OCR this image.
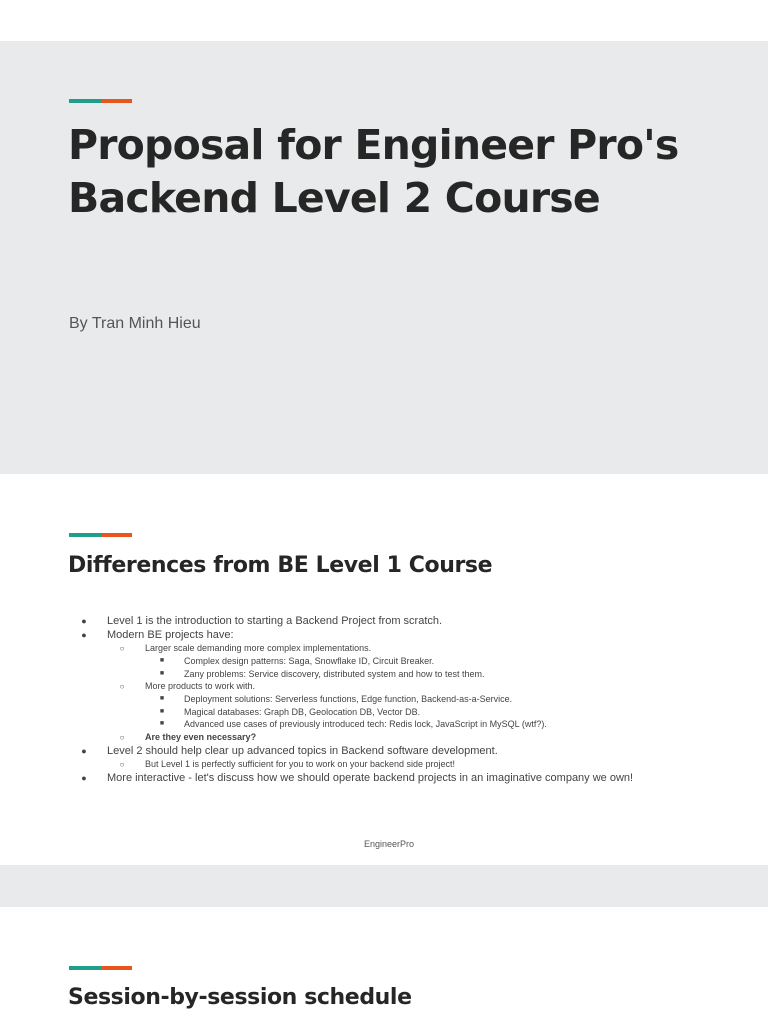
Proposal for Engineer Pro's
Backend Level 2 Course
By Tran Minh Hieu
Differences from BE Level 1 Course
● Level 1 is the introduction to starting a Backend Project from scratch.
● Modern BE projects have:
○	Larger scale demanding more complex implementations.
■	Complex design patterns: Saga, Snowflake ID, Circuit Breaker.
■	Zany problems: Service discovery, distributed system and how to test them.
○	More products to work with.
■	Deployment solutions: Serverless functions, Edge function, Backend-as-a-Service.
■	Magical databases: Graph DB, Geolocation DB, Vector DB.
■	Advanced use cases of previously introduced tech: Redis lock, JavaScript in MySQL (wtf?).
○	Are they even necessary?
● Level 2 should help clear up advanced topics in Backend software development.
○	But Level 1 is perfectly sufficient for you to work on your backend side project!
● More interactive - let's discuss how we should operate backend projects in an imaginative company we own!
EngineerPro
Session-by-session schedule
